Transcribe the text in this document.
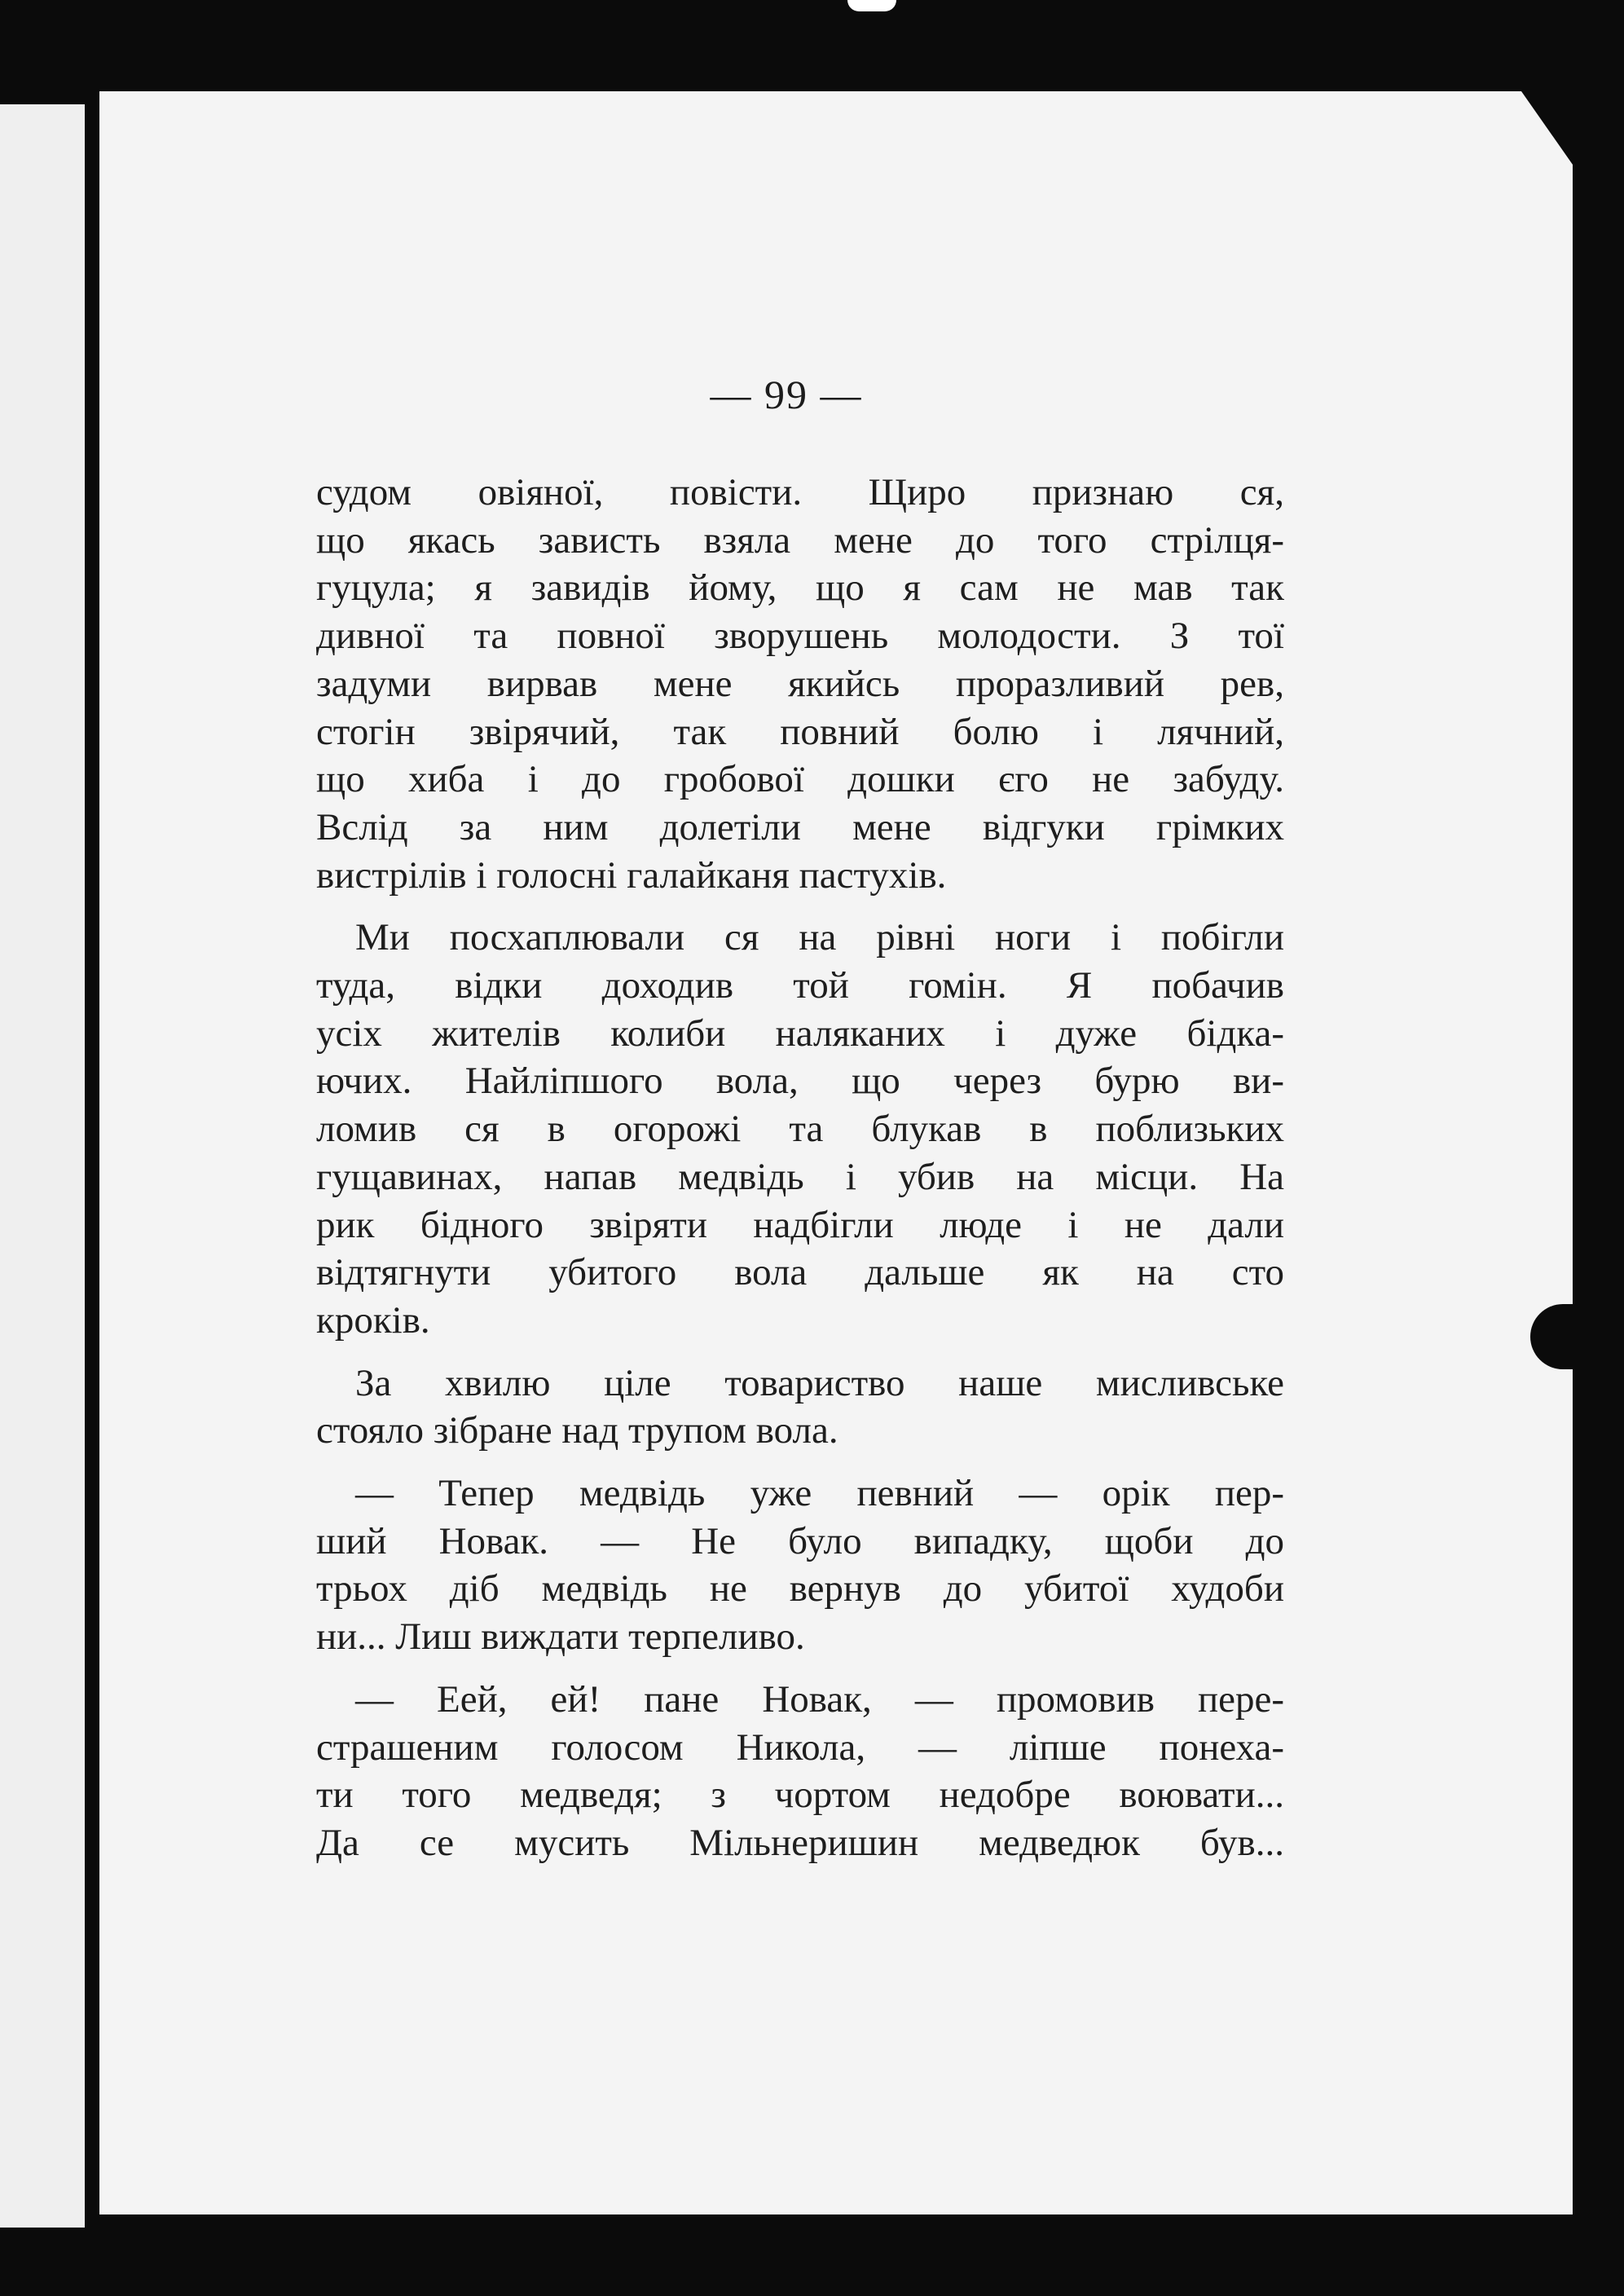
— 99 —
судом овіяної, повісти. Щиро признаю ся,
що якась зависть взяла мене до того стрілця-
гуцула; я завидів йому, що я сам не мав так
дивної та повної зворушень молодости. З тої
задуми вирвав мене якийсь проразливий рев,
стогін звірячий, так повний болю і лячний,
що хиба і до гробової дошки єго не забуду.
Вслід за ним долетіли мене відгуки грімких
вистрілів і голосні галайканя пастухів.
Ми посхаплювали ся на рівні ноги і побігли
туда, відки доходив той гомін. Я побачив
усіх жителів колиби наляканих і дуже бідка-
ючих. Найліпшого вола, що через бурю ви-
ломив ся в огорожі та блукав в поблизьких
гущавинах, напав медвідь і убив на місци. На
рик бідного звіряти надбігли люде і не дали
відтягнути убитого вола дальше як на сто
кроків.
За хвилю ціле товариство наше мисливське
стояло зібране над трупом вола.
— Тепер медвідь уже певний — орік пер-
ший Новак. — Не було випадку, щоби до
трьох діб медвідь не вернув до убитої худоби
ни... Лиш виждати терпеливо.
— Еей, ей! пане Новак, — промовив пере-
страшеним голосом Никола, — ліпше понеха-
ти того медведя; з чортом недобре воювати...
Да се мусить Мільнеришин медведюк був...
